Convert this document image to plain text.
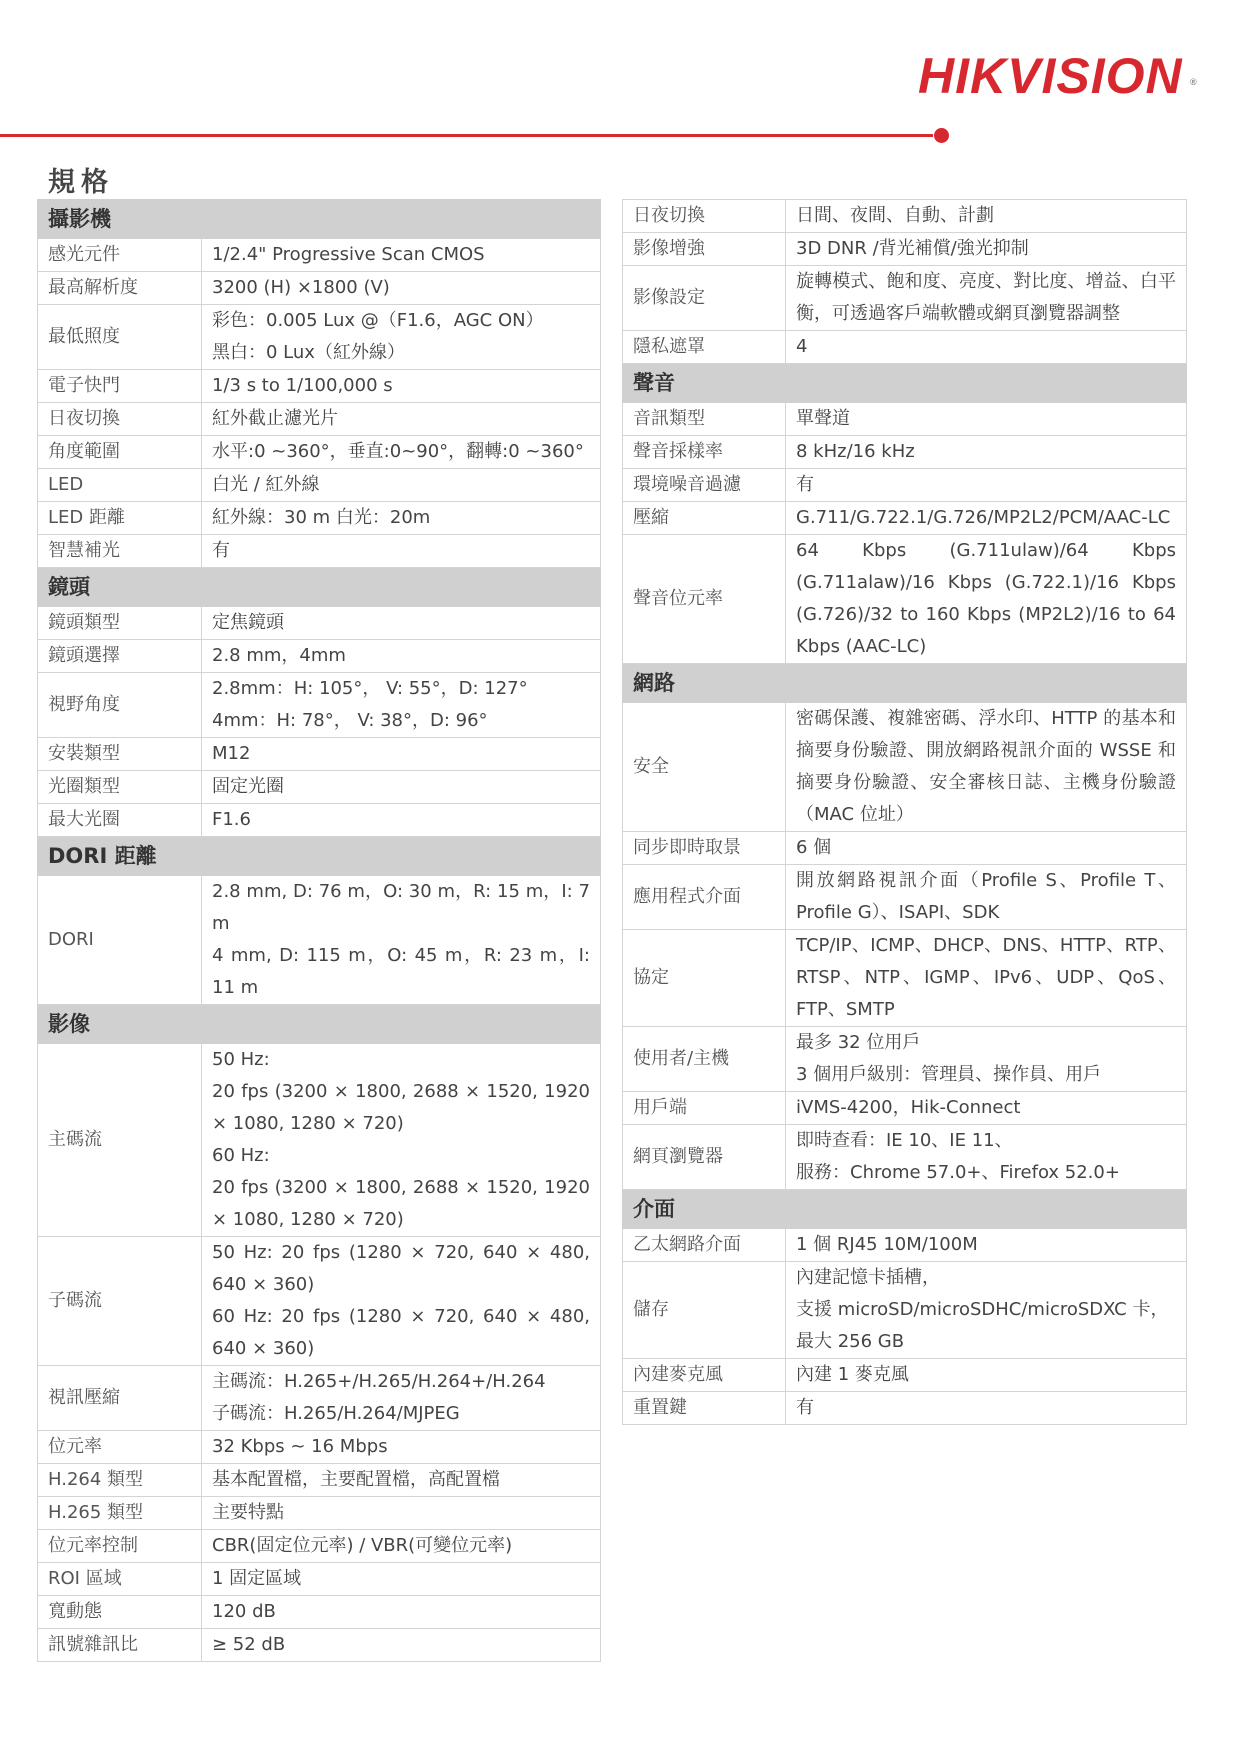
HIKVISION ®
規格
攝影機	
感光元件	1/2.4" Progressive Scan CMOS

最高解析度	3200 (H) ×1800 (V)

最低照度	彩色：0.005 Lux @（F1.6，AGC ON）

黑白：0 Lux（紅外線）

電子快門	1/3 s to 1/100,000 s

日夜切換	紅外截止濾光片

角度範圍	水平:0 ~360°，垂直:0~90°，翻轉:0 ~360°

LED	白光 / 紅外線

LED 距離	紅外線：30 m 白光：20m

智慧補光	有

鏡頭	
鏡頭類型	定焦鏡頭

鏡頭選擇	2.8 mm，4mm

視野角度	2.8mm：H: 105°， V: 55°，D: 127°

4mm：H: 78°， V: 38°，D: 96°

安裝類型	M12

光圈類型	固定光圈

最大光圈	F1.6

DORI 距離	
DORI	2.8 mm, D: 76 m，O: 30 m，R: 15 m，I: 7 m

4 mm, D: 115 m，O: 45 m，R: 23 m，I: 11 m

影像	
主碼流	50 Hz:

20 fps (3200 × 1800, 2688 × 1520, 1920 × 1080, 1280 × 720)

60 Hz:

20 fps (3200 × 1800, 2688 × 1520, 1920 × 1080, 1280 × 720)

子碼流	50 Hz: 20 fps (1280 × 720, 640 × 480, 640 × 360)

60 Hz: 20 fps (1280 × 720, 640 × 480, 640 × 360)

視訊壓縮	主碼流：H.265+/H.265/H.264+/H.264

子碼流：H.265/H.264/MJPEG

位元率	32 Kbps ~ 16 Mbps

H.264 類型	基本配置檔，主要配置檔，高配置檔

H.265 類型	主要特點

位元率控制	CBR(固定位元率) / VBR(可變位元率)

ROI 區域	1 固定區域

寬動態	120 dB

訊號雜訊比	≥ 52 dB

日夜切換	日間、夜間、自動、計劃

影像增強	3D DNR /背光補償/強光抑制

影像設定	旋轉模式、飽和度、亮度、對比度、增益、白平衡，可透過客戶端軟體或網頁瀏覽器調整

隱私遮罩	4

聲音	
音訊類型	單聲道

聲音採樣率	8 kHz/16 kHz

環境噪音過濾	有

壓縮	G.711/G.722.1/G.726/MP2L2/PCM/AAC-LC

聲音位元率	64 Kbps (G.711ulaw)/64 Kbps (G.711alaw)/16 Kbps (G.722.1)/16 Kbps (G.726)/32 to 160 Kbps (MP2L2)/16 to 64 Kbps (AAC-LC)

網路	
安全	密碼保護、複雜密碼、浮水印、HTTP 的基本和摘要身份驗證、開放網路視訊介面的 WSSE 和摘要身份驗證、安全審核日誌、主機身份驗證（MAC 位址）

同步即時取景	6 個

應用程式介面	開放網路視訊介面（Profile S、Profile T、Profile G）、ISAPI、SDK

協定	TCP/IP、ICMP、DHCP、DNS、HTTP、RTP、RTSP、NTP、IGMP、IPv6、UDP、QoS、FTP、SMTP

使用者/主機	最多 32 位用戶

3 個用戶級別：管理員、操作員、用戶

用戶端	iVMS-4200，Hik-Connect

網頁瀏覽器	即時查看：IE 10、IE 11、

服務：Chrome 57.0+、Firefox 52.0+

介面	
乙太網路介面	1 個 RJ45 10M/100M

儲存	內建記憶卡插槽，

支援 microSD/microSDHC/microSDXC 卡，

最大 256 GB

內建麥克風	內建 1 麥克風

重置鍵	有
